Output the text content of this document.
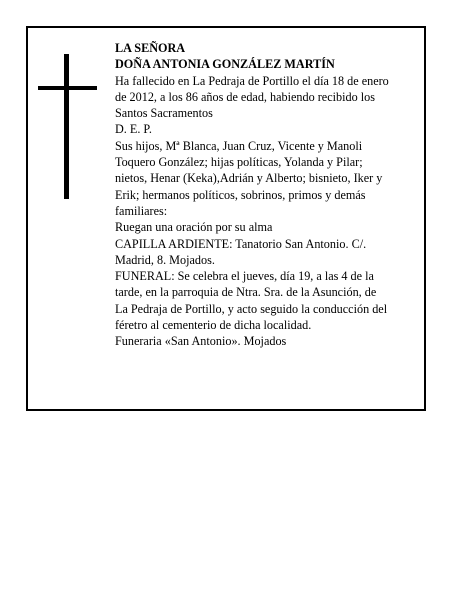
LA SEÑORA
DOÑA ANTONIA GONZÁLEZ MARTÍN
Ha fallecido en La Pedraja de Portillo el día 18 de enero
de 2012, a los 86 años de edad, habiendo recibido los
Santos Sacramentos
D. E. P.
Sus hijos, Mª Blanca, Juan Cruz, Vicente y Manoli
Toquero González; hijas políticas, Yolanda y Pilar;
nietos, Henar (Keka),Adrián y Alberto; bisnieto, Iker y
Erik; hermanos políticos, sobrinos, primos y demás
familiares:
Ruegan una oración por su alma
CAPILLA ARDIENTE: Tanatorio San Antonio. C/.
Madrid, 8. Mojados.
FUNERAL: Se celebra el jueves, día 19, a las 4 de la
tarde, en la parroquia de Ntra. Sra. de la Asunción, de
La Pedraja de Portillo, y acto seguido la conducción del
féretro al cementerio de dicha localidad.
Funeraria «San Antonio». Mojados
